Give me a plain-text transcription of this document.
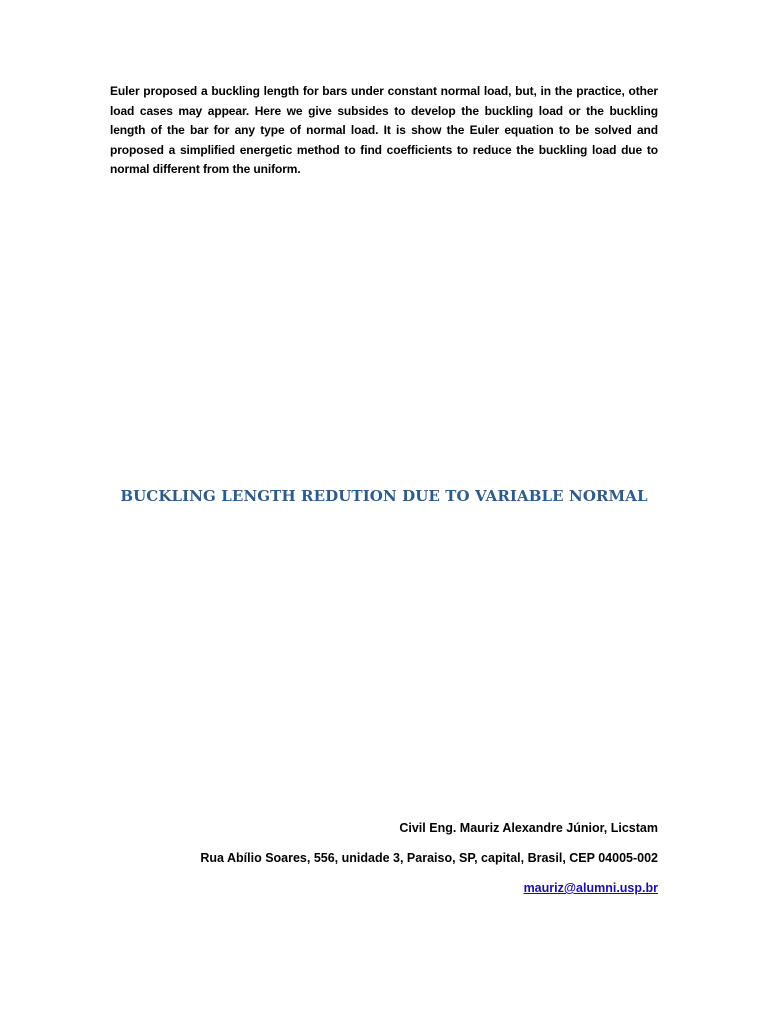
Euler proposed a buckling length for bars under constant normal load, but, in the practice, other load cases may appear. Here we give subsides to develop the buckling load or the buckling length of the bar for any type of normal load. It is show the Euler equation to be solved and proposed a simplified energetic method to find coefficients to reduce the buckling load due to normal different from the uniform.

BUCKLING LENGTH REDUTION DUE TO VARIABLE NORMAL

Civil Eng. Mauriz Alexandre Júnior, Licstam

Rua Abílio Soares, 556, unidade 3, Paraiso, SP, capital, Brasil, CEP 04005-002

mauriz@alumni.usp.br
